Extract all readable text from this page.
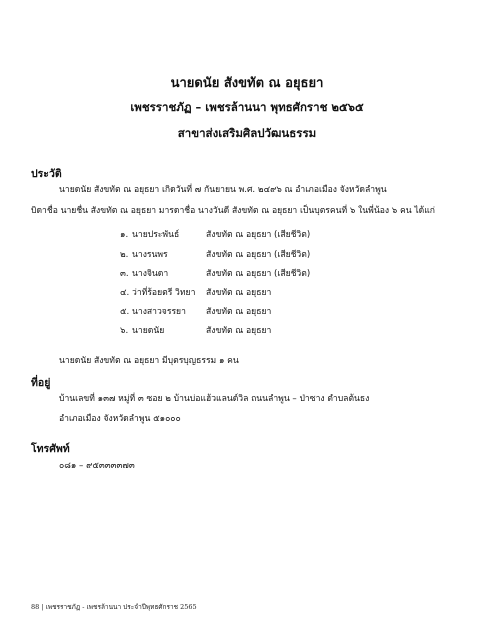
นายดนัย สังขทัต ณ อยุธยา
เพชรราชภัฏ – เพชรล้านนา พุทธศักราช ๒๕๖๕
สาขาส่งเสริมศิลปวัฒนธรรม
ประวัติ
นายดนัย สังขทัต ณ อยุธยา เกิดวันที่ ๗ กันยายน พ.ศ. ๒๔๙๖ ณ อำเภอเมือง จังหวัดลำพูน
บิดาชื่อ นายชื่น สังขทัต ณ อยุธยา มารดาชื่อ นางวันดี สังขทัต ณ อยุธยา เป็นบุตรคนที่ ๖ ในพี่น้อง ๖ คน ได้แก่
๑. นายประพันธ์	สังขทัต ณ อยุธยา (เสียชีวิต)
๒. นางรนพร	สังขทัต ณ อยุธยา (เสียชีวิต)
๓. นางจินดา	สังขทัต ณ อยุธยา (เสียชีวิต)
๔. ว่าที่ร้อยตรี วิทยา สังขทัต ณ อยุธยา
๕. นางสาวจรรยา สังขทัต ณ อยุธยา
๖. นายดนัย	สังขทัต ณ อยุธยา
นายดนัย สังขทัต ณ อยุธยา มีบุตรบุญธรรม ๑ คน
ที่อยู่
บ้านเลขที่ ๑๓๗ หมู่ที่ ๓ ซอย ๒ บ้านบ่อแฮ้วแลนด์วิล ถนนลำพูน – ป่าซาง ตำบลต้นธง
อำเภอเมือง จังหวัดลำพูน ๕๑๐๐๐
โทรศัพท์
๐๘๑ – ๙๕๓๓๓๓๗๓
88 | เพชรราชภัฏ - เพชรล้านนา ประจำปีพุทธศักราช 2565
